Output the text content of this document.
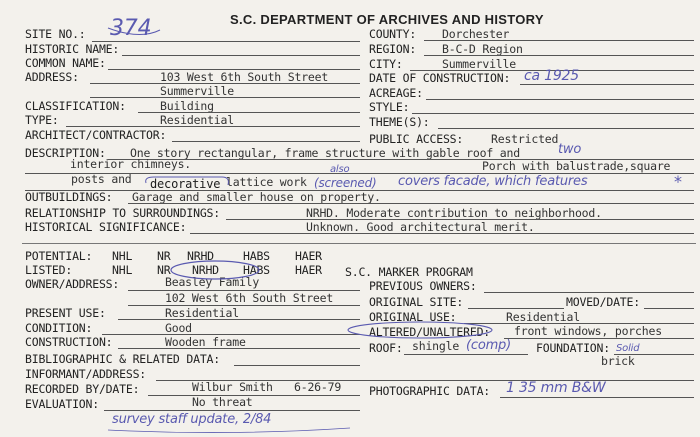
S.C. DEPARTMENT OF ARCHIVES AND HISTORY
SITE NO.: 374
HISTORIC NAME:
COMMON NAME:
ADDRESS:	103 West 6th South Street
Summerville
CLASSIFICATION:	Building
TYPE:	Residential
ARCHITECT/CONTRACTOR:
COUNTY: Dorchester
REGION: B-C-D Region
CITY:	Summerville
DATE OF CONSTRUCTION: ca 1925
ACREAGE:
STYLE:
THEME(S):
PUBLIC ACCESS: Restricted
DESCRIPTION: One story rectangular, frame structure with gable roof and	two
interior chimneys.	Porch with balustrade,square
posts and decorative lattice work
also
(screened) covers facade, which features	*
OUTBUILDINGS: Garage and smaller house on property.
RELATIONSHIP TO SURROUNDINGS:	NRHD. Moderate contribution to neighborhood.
HISTORICAL SIGNIFICANCE:	Unknown. Good architectural merit.
POTENTIAL: NHL NR NRHD	HABS HAER
LISTED:	NHL NR NRHD HABS HAER S.C. MARKER PROGRAM
OWNER/ADDRESS:	Beasley Family
102 West 6th South Street
PREVIOUS OWNERS:
ORIGINAL SITE:	MOVED/DATE:
PRESENT USE:	Residential	ORIGINAL USE:	Residential
CONDITION:	Good	ALTERED/UNALTERED: front windows, porches
CONSTRUCTION:	Wooden frame	ROOF: shingle (comp) FOUNDATION: Solid
brick
BIBLIOGRAPHIC & RELATED DATA:
INFORMANT/ADDRESS:
RECORDED BY/DATE:	Wilbur Smith 6-26-79 PHOTOGRAPHIC DATA: 1 35 mm B&W
EVALUATION:	No threat
survey staff update, 2/84
